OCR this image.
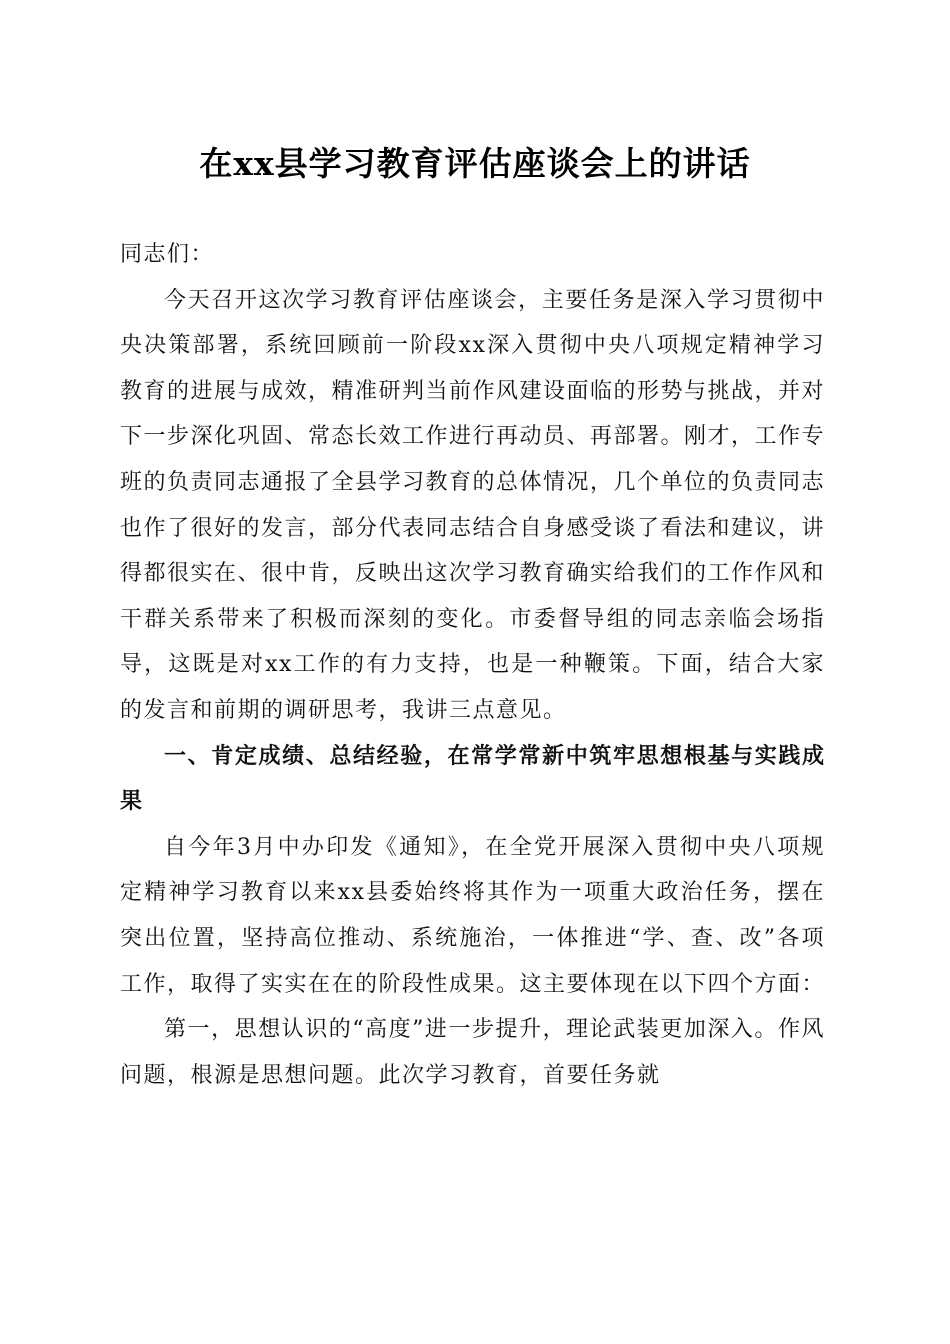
在xx县学习教育评估座谈会上的讲话

同志们：

今天召开这次学习教育评估座谈会，主要任务是深入学习贯彻中央决策部署，系统回顾前一阶段xx深入贯彻中央八项规定精神学习教育的进展与成效，精准研判当前作风建设面临的形势与挑战，并对下一步深化巩固、常态长效工作进行再动员、再部署。刚才，工作专班的负责同志通报了全县学习教育的总体情况，几个单位的负责同志也作了很好的发言，部分代表同志结合自身感受谈了看法和建议，讲得都很实在、很中肯，反映出这次学习教育确实给我们的工作作风和干群关系带来了积极而深刻的变化。市委督导组的同志亲临会场指导，这既是对xx工作的有力支持，也是一种鞭策。下面，结合大家的发言和前期的调研思考，我讲三点意见。

一、肯定成绩、总结经验，在常学常新中筑牢思想根基与实践成果

自今年3月中办印发《通知》，在全党开展深入贯彻中央八项规定精神学习教育以来xx县委始终将其作为一项重大政治任务，摆在突出位置，坚持高位推动、系统施治，一体推进“学、查、改”各项工作，取得了实实在在的阶段性成果。这主要体现在以下四个方面：

第一，思想认识的“高度”进一步提升，理论武装更加深入。作风问题，根源是思想问题。此次学习教育，首要任务就
